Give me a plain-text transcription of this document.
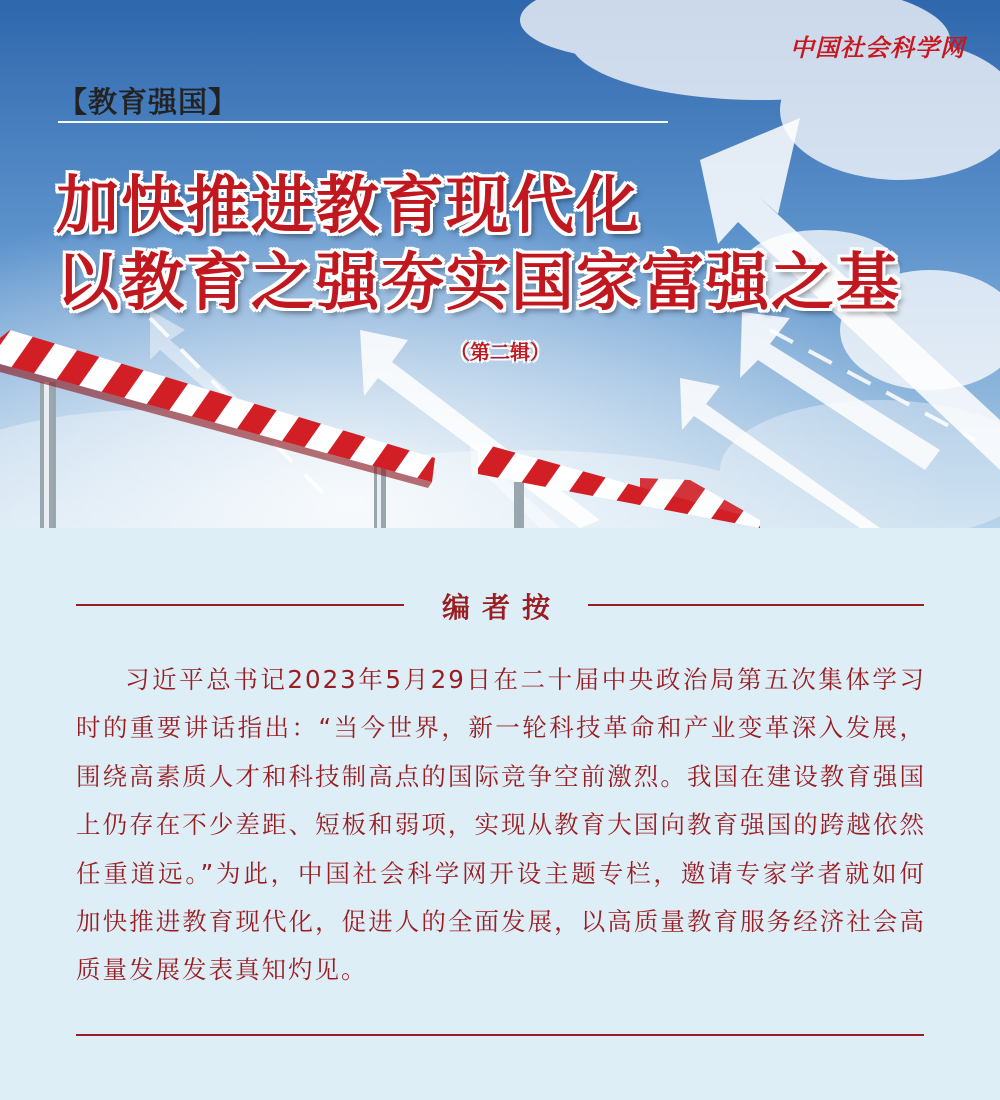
中国社会科学网
【教育强国】
加快推进教育现代化
以教育之强夯实国家富强之基
（第二辑）
编者按

习近平总书记2023年5月29日在二十届中央政治局第五次集体学习时的重要讲话指出：“当今世界，新一轮科技革命和产业变革深入发展，围绕高素质人才和科技制高点的国际竞争空前激烈。我国在建设教育强国上仍存在不少差距、短板和弱项，实现从教育大国向教育强国的跨越依然任重道远。”为此，中国社会科学网开设主题专栏，邀请专家学者就如何加快推进教育现代化，促进人的全面发展，以高质量教育服务经济社会高质量发展发表真知灼见。
